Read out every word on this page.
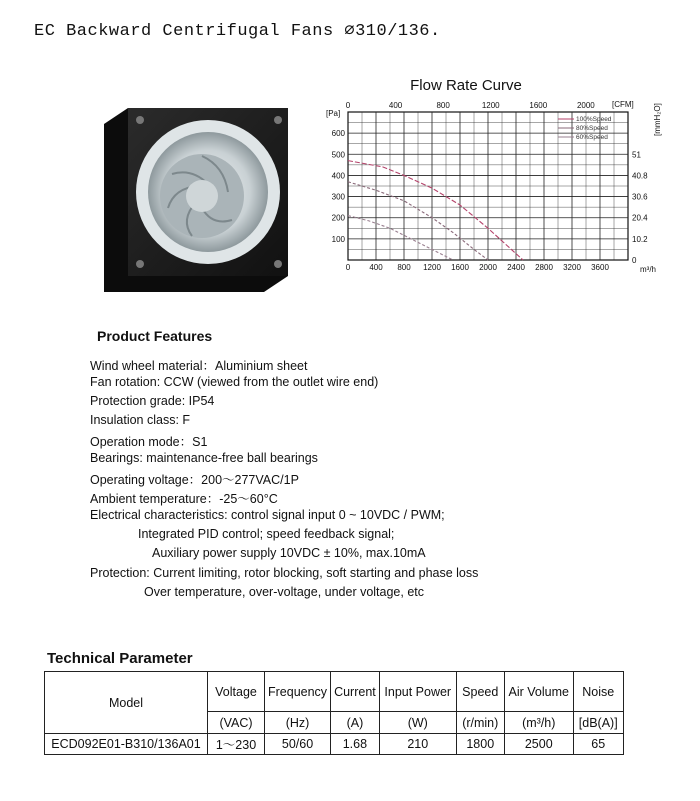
EC Backward Centrifugal Fans ⌀310/136.
Flow Rate Curve
0	400	800	1200	1600	2000
0 400 800 1200 1600 2000 2400 2800 3200 3600
100
200
300
400
500
600
0
10.2
20.4
30.6
40.8
51
100%Speed
80%Speed
60%Speed
[Pa]
[CFM]
m³/h
[mmH₂O]
Product Features
Wind wheel material：Aluminium sheet
Fan rotation: CCW (viewed from the outlet wire end)
Protection grade: IP54
Insulation class: F
Operation mode：S1
Bearings: maintenance-free ball bearings
Operating voltage：200～277VAC/1P
Ambient temperature：-25～60°C
Electrical characteristics: control signal input 0 ~ 10VDC / PWM;
Integrated PID control; speed feedback signal;
Auxiliary power supply 10VDC ± 10%, max.10mA
Protection: Current limiting, rotor blocking, soft starting and phase loss
Over temperature, over-voltage, under voltage, etc
Technical Parameter
Model	Voltage	Frequency	Current	Input Power	Speed	Air Volume	Noise
	(VAC)	(Hz)	(A)	(W)	(r/min)	(m³/h)	[dB(A)]
ECD092E01-B310/136A01	1～230	50/60	1.68	210	1800	2500	65
